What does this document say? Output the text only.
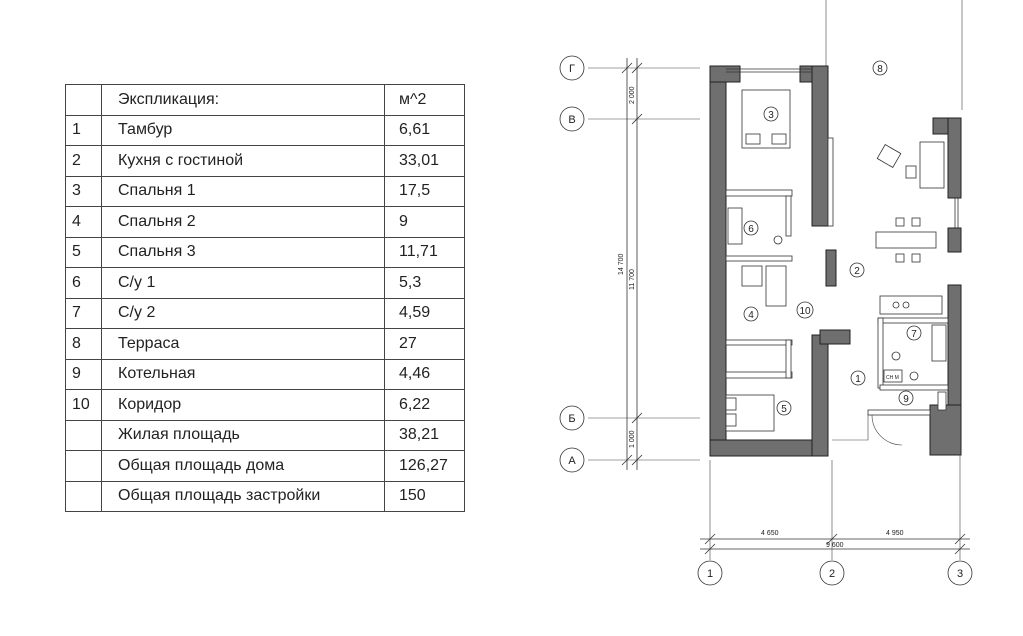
	Экспликация:	м^2
1	Тамбур	6,61
2	Кухня с гостиной	33,01
3	Спальня 1	17,5
4	Спальня 2	9
5	Спальня 3	11,71
6	С/у 1	5,3
7	С/у 2	4,59
8	Терраса	27
9	Котельная	4,46
10	Коридор	6,22
	Жилая площадь	38,21
	Общая площадь дома	126,27
	Общая площадь застройки	150
2 000
14 700
11 700
1 000
4 650	4 950
9 600
Г
В
Б
А
1	2	3
СН М
3
8
2
6
4	10
7
1
9
5
